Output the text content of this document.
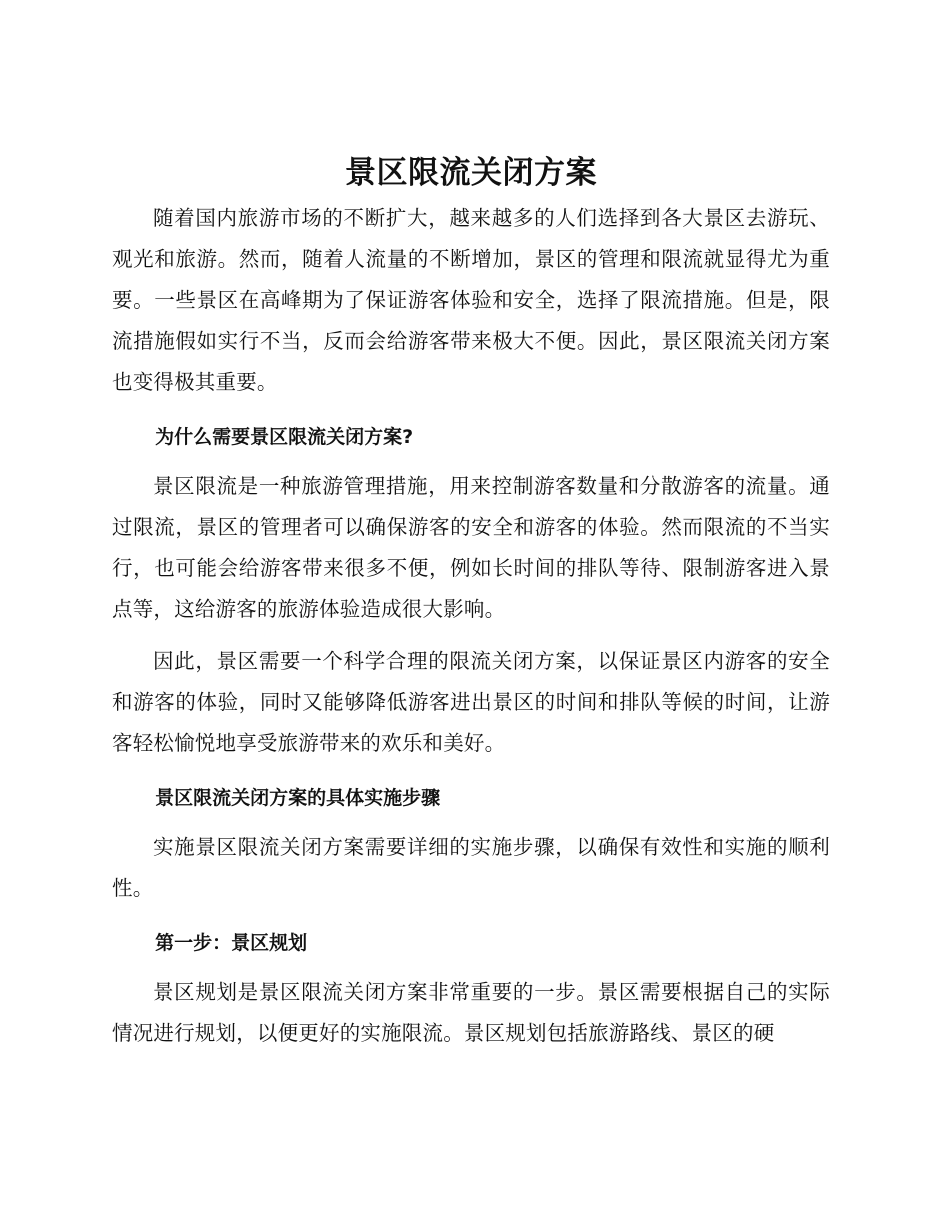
景区限流关闭方案

随着国内旅游市场的不断扩大，越来越多的人们选择到各大景区去游玩、观光和旅游。然而，随着人流量的不断增加，景区的管理和限流就显得尤为重要。一些景区在高峰期为了保证游客体验和安全，选择了限流措施。但是，限流措施假如实行不当，反而会给游客带来极大不便。因此，景区限流关闭方案也变得极其重要。

为什么需要景区限流关闭方案?

景区限流是一种旅游管理措施，用来控制游客数量和分散游客的流量。通过限流，景区的管理者可以确保游客的安全和游客的体验。然而限流的不当实行，也可能会给游客带来很多不便，例如长时间的排队等待、限制游客进入景点等，这给游客的旅游体验造成很大影响。

因此，景区需要一个科学合理的限流关闭方案，以保证景区内游客的安全和游客的体验，同时又能够降低游客进出景区的时间和排队等候的时间，让游客轻松愉悦地享受旅游带来的欢乐和美好。

景区限流关闭方案的具体实施步骤

实施景区限流关闭方案需要详细的实施步骤，以确保有效性和实施的顺利性。

第一步：景区规划

景区规划是景区限流关闭方案非常重要的一步。景区需要根据自己的实际情况进行规划，以便更好的实施限流。景区规划包括旅游路线、景区的硬
